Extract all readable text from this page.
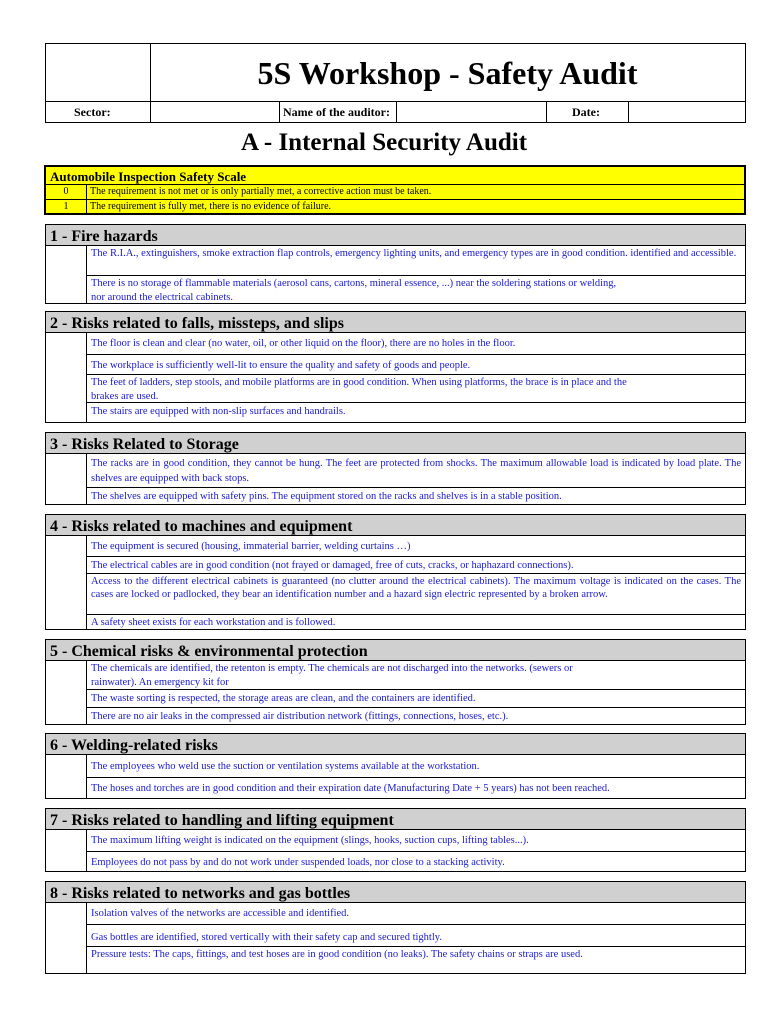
5S Workshop - Safety Audit
Sector:	Name of the auditor:	Date:
A - Internal Security Audit
Automobile Inspection Safety Scale
0	The requirement is not met or is only partially met, a corrective action must be taken.
1	The requirement is fully met, there is no evidence of failure.
1 - Fire hazards
The R.I.A., extinguishers, smoke extraction flap controls, emergency lighting units, and emergency types are in good condition. identified and accessible.
There is no storage of flammable materials (aerosol cans, cartons, mineral essence, ...) near the soldering stations or welding, nor around the electrical cabinets.
2 - Risks related to falls, missteps, and slips
The floor is clean and clear (no water, oil, or other liquid on the floor), there are no holes in the floor.
The workplace is sufficiently well-lit to ensure the quality and safety of goods and people.
The feet of ladders, step stools, and mobile platforms are in good condition. When using platforms, the brace is in place and the brakes are used.
The stairs are equipped with non-slip surfaces and handrails.
3 - Risks Related to Storage
The racks are in good condition, they cannot be hung. The feet are protected from shocks. The maximum allowable load is indicated by load plate. The shelves are equipped with back stops.
The shelves are equipped with safety pins. The equipment stored on the racks and shelves is in a stable position.
4 - Risks related to machines and equipment
The equipment is secured (housing, immaterial barrier, welding curtains …)
The electrical cables are in good condition (not frayed or damaged, free of cuts, cracks, or haphazard connections).
Access to the different electrical cabinets is guaranteed (no clutter around the electrical cabinets). The maximum voltage is indicated on the cases. The cases are locked or padlocked, they bear an identification number and a hazard sign electric represented by a broken arrow.
A safety sheet exists for each workstation and is followed.
5 - Chemical risks & environmental protection
The chemicals are identified, the retenton is empty. The chemicals are not discharged into the networks. (sewers or rainwater). An emergency kit for
The waste sorting is respected, the storage areas are clean, and the containers are identified.
There are no air leaks in the compressed air distribution network (fittings, connections, hoses, etc.).
6 - Welding-related risks
The employees who weld use the suction or ventilation systems available at the workstation.
The hoses and torches are in good condition and their expiration date (Manufacturing Date + 5 years) has not been reached.
7 - Risks related to handling and lifting equipment
The maximum lifting weight is indicated on the equipment (slings, hooks, suction cups, lifting tables...).
Employees do not pass by and do not work under suspended loads, nor close to a stacking activity.
8 - Risks related to networks and gas bottles
Isolation valves of the networks are accessible and identified.
Gas bottles are identified, stored vertically with their safety cap and secured tightly.
Pressure tests: The caps, fittings, and test hoses are in good condition (no leaks). The safety chains or straps are used.
